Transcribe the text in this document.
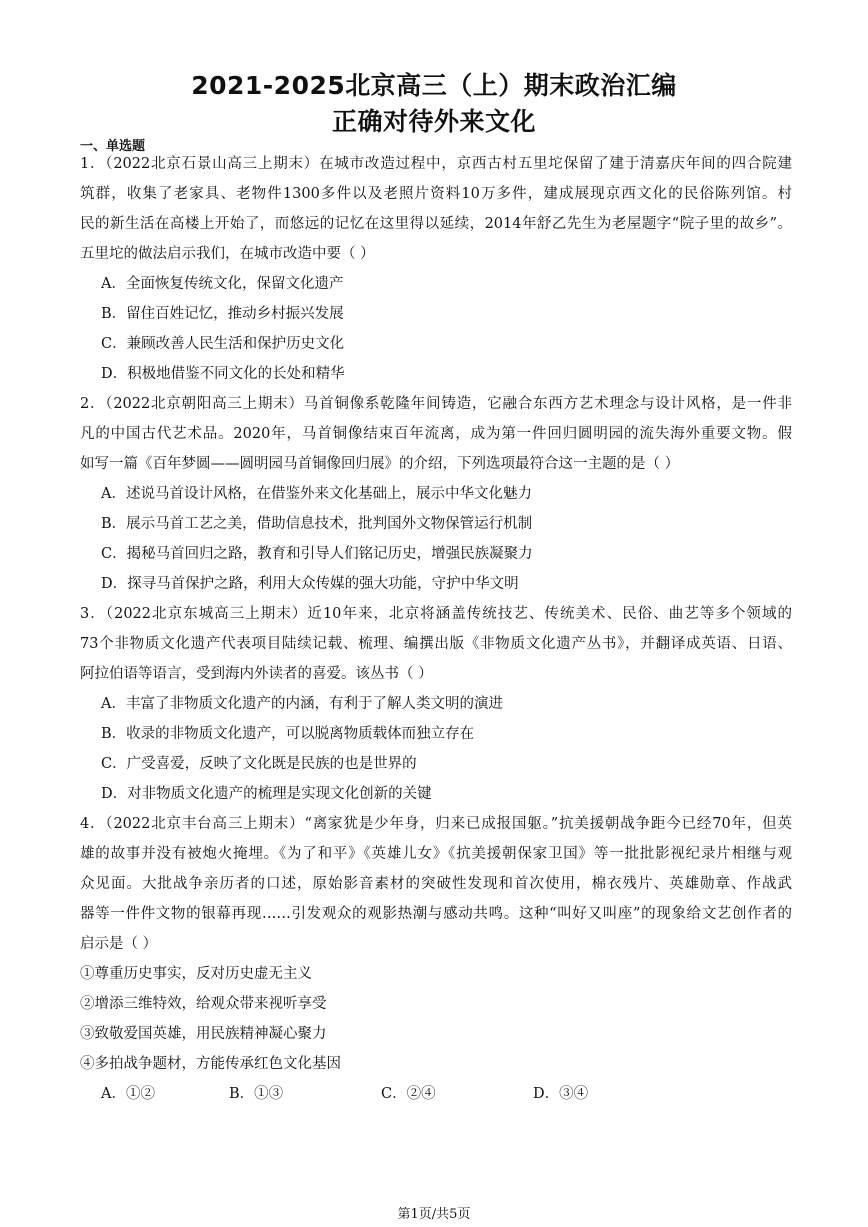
2021-2025北京高三（上）期末政治汇编
正确对待外来文化
一、单选题
1．（2022北京石景山高三上期末）在城市改造过程中，京西古村五里坨保留了建于清嘉庆年间的四合院建
筑群，收集了老家具、老物件1300多件以及老照片资料10万多件，建成展现京西文化的民俗陈列馆。村
民的新生活在高楼上开始了，而悠远的记忆在这里得以延续，2014年舒乙先生为老屋题字“院子里的故乡”。
五里坨的做法启示我们，在城市改造中要（ ）
A．全面恢复传统文化，保留文化遗产
B．留住百姓记忆，推动乡村振兴发展
C．兼顾改善人民生活和保护历史文化
D．积极地借鉴不同文化的长处和精华
2．（2022北京朝阳高三上期末）马首铜像系乾隆年间铸造，它融合东西方艺术理念与设计风格，是一件非
凡的中国古代艺术品。2020年，马首铜像结束百年流离，成为第一件回归圆明园的流失海外重要文物。假
如写一篇《百年梦圆——圆明园马首铜像回归展》的介绍，下列选项最符合这一主题的是（ ）
A．述说马首设计风格，在借鉴外来文化基础上，展示中华文化魅力
B．展示马首工艺之美，借助信息技术，批判国外文物保管运行机制
C．揭秘马首回归之路，教育和引导人们铭记历史，增强民族凝聚力
D．探寻马首保护之路，利用大众传媒的强大功能，守护中华文明
3．（2022北京东城高三上期末）近10年来，北京将涵盖传统技艺、传统美术、民俗、曲艺等多个领域的
73个非物质文化遗产代表项目陆续记载、梳理、编撰出版《非物质文化遗产丛书》，并翻译成英语、日语、
阿拉伯语等语言，受到海内外读者的喜爱。该丛书（ ）
A．丰富了非物质文化遗产的内涵，有利于了解人类文明的演进
B．收录的非物质文化遗产，可以脱离物质载体而独立存在
C．广受喜爱，反映了文化既是民族的也是世界的
D．对非物质文化遗产的梳理是实现文化创新的关键
4．（2022北京丰台高三上期末）“离家犹是少年身，归来已成报国躯。”抗美援朝战争距今已经70年，但英
雄的故事并没有被炮火掩埋。《为了和平》《英雄儿女》《抗美援朝保家卫国》等一批批影视纪录片相继与观
众见面。大批战争亲历者的口述，原始影音素材的突破性发现和首次使用，棉衣残片、英雄勋章、作战武
器等一件件文物的银幕再现……引发观众的观影热潮与感动共鸣。这种“叫好又叫座”的现象给文艺创作者的
启示是（ ）
①尊重历史事实，反对历史虚无主义
②增添三维特效，给观众带来视听享受
③致敬爱国英雄，用民族精神凝心聚力
④多拍战争题材，方能传承红色文化基因
A．①②	B．①③	C．②④	D．③④
第1页/共5页
